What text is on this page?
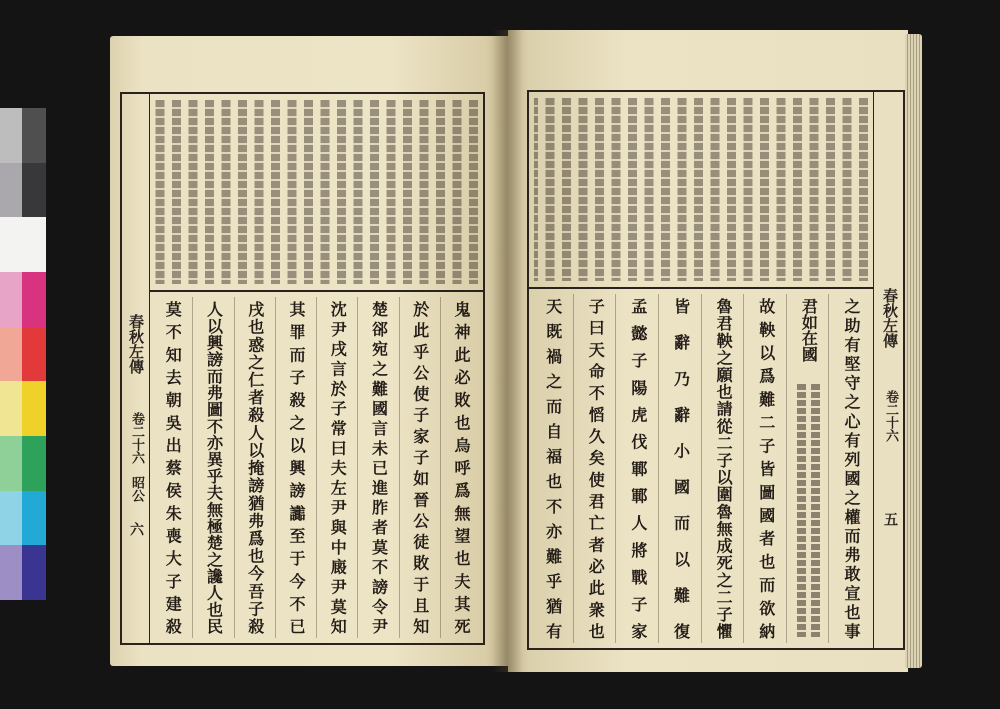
春秋左傳
卷二十六
昭公
六	鬼神此必敗也烏呼爲無望也夫其死
於此乎公使子家子如晉公徒敗于且知
楚郤宛之難國言未已進胙者莫不謗令尹
沈尹戌言於子常曰夫左尹與中廄尹莫知
其罪而子殺之以興謗讟至于今不已
戌也惑之仁者殺人以掩謗猶弗爲也今吾子殺
人以興謗而弗圖不亦異乎夫無極楚之讒人也民
莫不知去朝吳出蔡侯朱喪大子建殺	春秋左傳
卷二十六
五
之助有堅守之心有列國之權而弗敢宣也事
君如在國
故鞅以爲難二子皆圖國者也而欲納
魯君鞅之願也請從二子以圍魯無成死之二子懼
皆辭乃辭小國而以難復
孟懿子陽虎伐鄆鄆人將戰子家
子曰天命不慆久矣使君亡者必此衆也
天既禍之而自福也不亦難乎猶有
